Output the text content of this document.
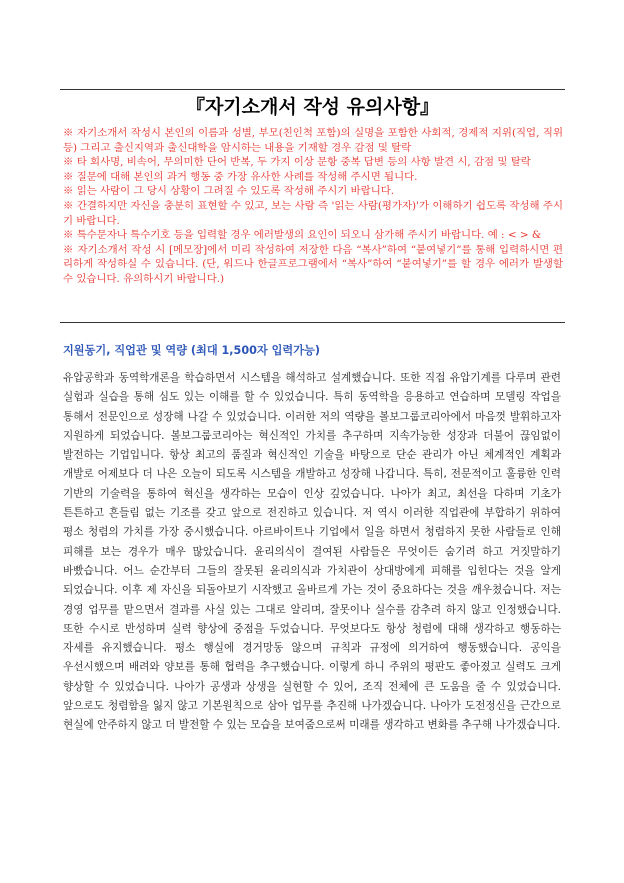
『자기소개서 작성 유의사항』
※ 자기소개서 작성시 본인의 이름과 성별, 부모(친인척 포함)의 실명을 포함한 사회적, 경제적 지위(직업, 직위 등) 그리고 출신지역과 출신대학을 암시하는 내용을 기재할 경우 감점 및 탈락
※ 타 회사명, 비속어, 무의미한 단어 반복, 두 가지 이상 문항 중복 답변 등의 사항 발견 시, 감점 및 탈락
※ 질문에 대해 본인의 과거 행동 중 가장 유사한 사례를 작성해 주시면 됩니다.
※ 읽는 사람이 그 당시 상황이 그려질 수 있도록 작성해 주시기 바랍니다.
※ 간결하지만 자신을 충분히 표현할 수 있고, 보는 사람 즉 '읽는 사람(평가자)'가 이해하기 쉽도록 작성해 주시기 바랍니다.
※ 특수문자나 특수기호 등을 입력할 경우 에러발생의 요인이 되오니 삼가해 주시기 바랍니다. 예 : < > &
※ 자기소개서 작성 시 [메모장]에서 미리 작성하여 저장한 다음 “복사”하여 “붙여넣기”를 통해 입력하시면 편리하게 작성하실 수 있습니다. (단, 워드나 한글프로그램에서 “복사”하여 “붙여넣기”를 할 경우 에러가 발생할 수 있습니다. 유의하시기 바랍니다.)
지원동기, 직업관 및 역량 (최대 1,500자 입력가능)

유압공학과 동역학개론을 학습하면서 시스템을 해석하고 설계했습니다. 또한 직접 유압기계를 다루며 관련 실험과 실습을 통해 심도 있는 이해를 할 수 있었습니다. 특히 동역학을 응용하고 연습하며 모델링 작업을 통해서 전문인으로 성장해 나갈 수 있었습니다. 이러한 저의 역량을 볼보그룹코리아에서 마음껏 발휘하고자 지원하게 되었습니다. 볼보그룹코리아는 혁신적인 가치를 추구하며 지속가능한 성장과 더불어 끊임없이 발전하는 기업입니다. 항상 최고의 품질과 혁신적인 기술을 바탕으로 단순 관리가 아닌 체계적인 계획과 개발로 어제보다 더 나은 오늘이 되도록 시스템을 개발하고 성장해 나갑니다. 특히, 전문적이고 훌륭한 인력 기반의 기술력을 통하여 혁신을 생각하는 모습이 인상 깊었습니다. 나아가 최고, 최선을 다하며 기초가 튼튼하고 흔들림 없는 기조를 갖고 앞으로 전진하고 있습니다. 저 역시 이러한 직업관에 부합하기 위하여 평소 청렴의 가치를 가장 중시했습니다. 아르바이트나 기업에서 일을 하면서 청렴하지 못한 사람들로 인해 피해를 보는 경우가 매우 많았습니다. 윤리의식이 결여된 사람들은 무엇이든 숨기려 하고 거짓말하기 바빴습니다. 어느 순간부터 그들의 잘못된 윤리의식과 가치관이 상대방에게 피해를 입힌다는 것을 알게 되었습니다. 이후 제 자신을 되돌아보기 시작했고 올바르게 가는 것이 중요하다는 것을 깨우쳤습니다. 저는 경영 업무를 맡으면서 결과를 사실 있는 그대로 알리며, 잘못이나 실수를 감추려 하지 않고 인정했습니다. 또한 수시로 반성하며 실력 향상에 중점을 두었습니다. 무엇보다도 항상 청렴에 대해 생각하고 행동하는 자세를 유지했습니다. 평소 행실에 경거망동 않으며 규칙과 규정에 의거하여 행동했습니다. 공익을 우선시했으며 배려와 양보를 통해 협력을 추구했습니다. 이렇게 하니 주위의 평판도 좋아졌고 실력도 크게 향상할 수 있었습니다. 나아가 공생과 상생을 실현할 수 있어, 조직 전체에 큰 도움을 줄 수 있었습니다. 앞으로도 청렴함을 잃지 않고 기본원칙으로 삼아 업무를 추진해 나가겠습니다. 나아가 도전정신을 근간으로 현실에 안주하지 않고 더 발전할 수 있는 모습을 보여줌으로써 미래를 생각하고 변화를 추구해 나가겠습니다.
